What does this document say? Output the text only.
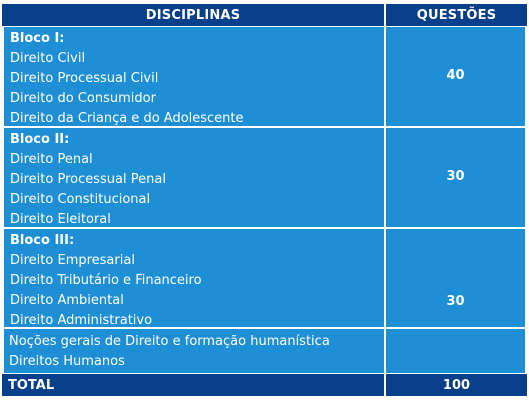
DISCIPLINAS	QUESTÕES
Bloco I:
Direito Civil
Direito Processual Civil
Direito do Consumidor
Direito da Criança e do Adolescente
40
Bloco II:
Direito Penal
Direito Processual Penal
Direito Constitucional
Direito Eleitoral
30
Bloco III:
Direito Empresarial
Direito Tributário e Financeiro
Direito Ambiental
Direito Administrativo
30
Noções gerais de Direito e formação humanística
Direitos Humanos
TOTAL	100
